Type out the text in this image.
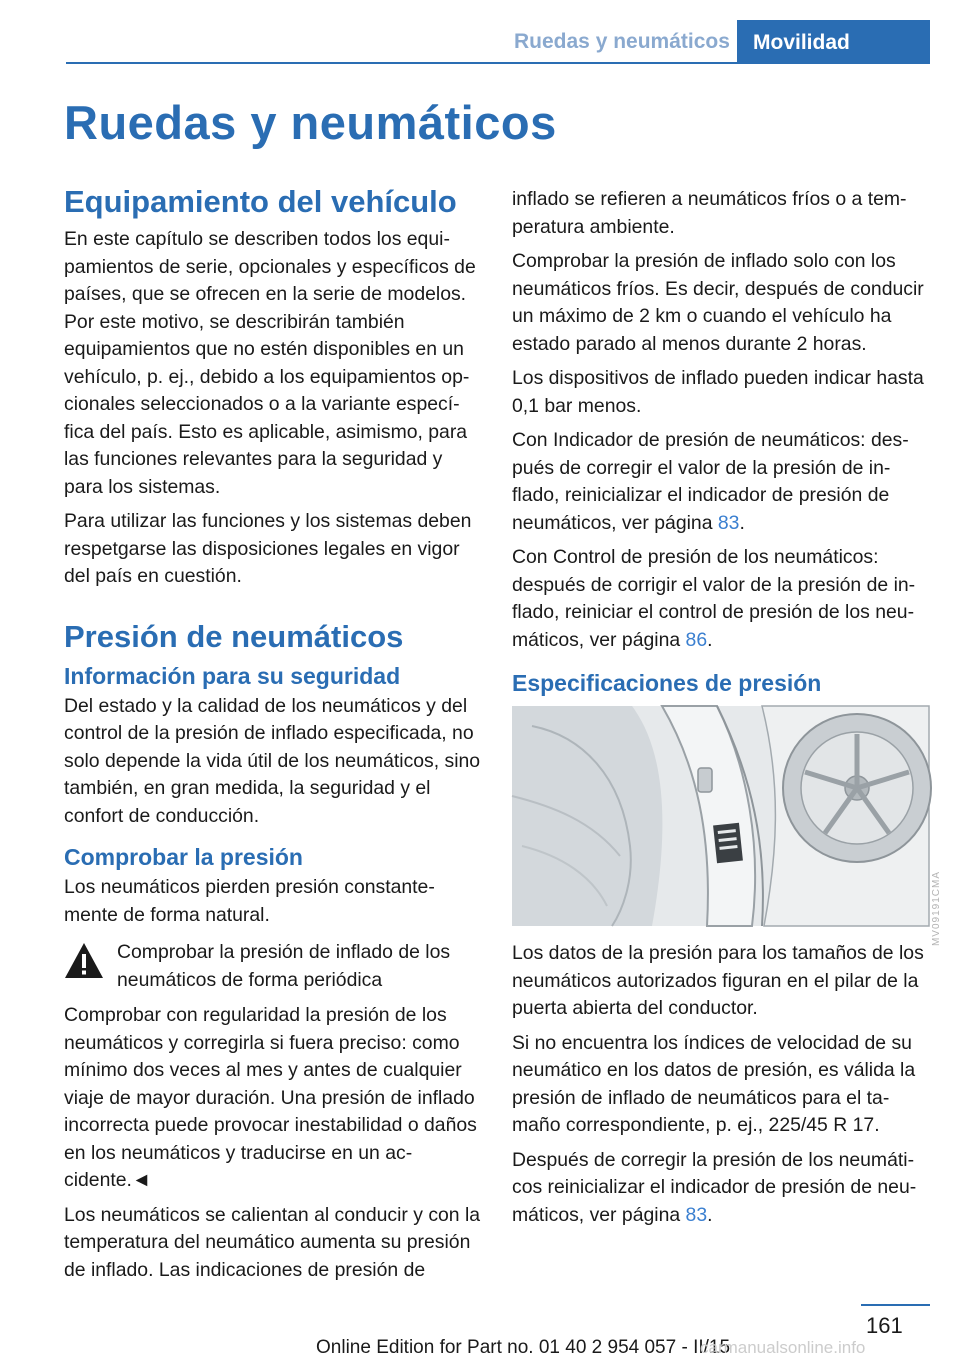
Ruedas y neumáticos	Movilidad
Ruedas y neumáticos
Equipamiento del vehículo

En este capítulo se describen todos los equipamientos de serie, opcionales y específicos de países, que se ofrecen en la serie de modelos. Por este motivo, se describirán también equipamientos que no estén disponibles en un vehículo, p. ej., debido a los equipamientos opcionales seleccionados o a la variante específica del país. Esto es aplicable, asimismo, para las funciones relevantes para la seguridad y para los sistemas.

Para utilizar las funciones y los sistemas deben respetgarse las disposiciones legales en vigor del país en cuestión.

Presión de neumáticos
Información para su seguridad

Del estado y la calidad de los neumáticos y del control de la presión de inflado especificada, no solo depende la vida útil de los neumáticos, sino también, en gran medida, la seguridad y el confort de conducción.

Comprobar la presión

Los neumáticos pierden presión constantemente de forma natural.

Comprobar la presión de inflado de los neumáticos de forma periódica

Comprobar con regularidad la presión de los neumáticos y corregirla si fuera preciso: como mínimo dos veces al mes y antes de cualquier viaje de mayor duración. Una presión de inflado incorrecta puede provocar inestabilidad o daños en los neumáticos y traducirse en un accidente.◄

Los neumáticos se calientan al conducir y con la temperatura del neumático aumenta su presión de inflado. Las indicaciones de presión de

inflado se refieren a neumáticos fríos o a temperatura ambiente.

Comprobar la presión de inflado solo con los neumáticos fríos. Es decir, después de conducir un máximo de 2 km o cuando el vehículo ha estado parado al menos durante 2 horas.

Los dispositivos de inflado pueden indicar hasta 0,1 bar menos.

Con Indicador de presión de neumáticos: después de corregir el valor de la presión de inflado, reinicializar el indicador de presión de neumáticos, ver página 83.

Con Control de presión de los neumáticos: después de corrigir el valor de la presión de inflado, reiniciar el control de presión de los neumáticos, ver página 86.

Especificaciones de presión
MV09191CMA

Los datos de la presión para los tamaños de los neumáticos autorizados figuran en el pilar de la puerta abierta del conductor.

Si no encuentra los índices de velocidad de su neumático en los datos de presión, es válida la presión de inflado de neumáticos para el tamaño correspondiente, p. ej., 225/45 R 17.

Después de corregir la presión de los neumáticos reinicializar el indicador de presión de neumáticos, ver página 83.

161
Online Edition for Part no. 01 40 2 954 057 - II/15
carmanualsonline.info
